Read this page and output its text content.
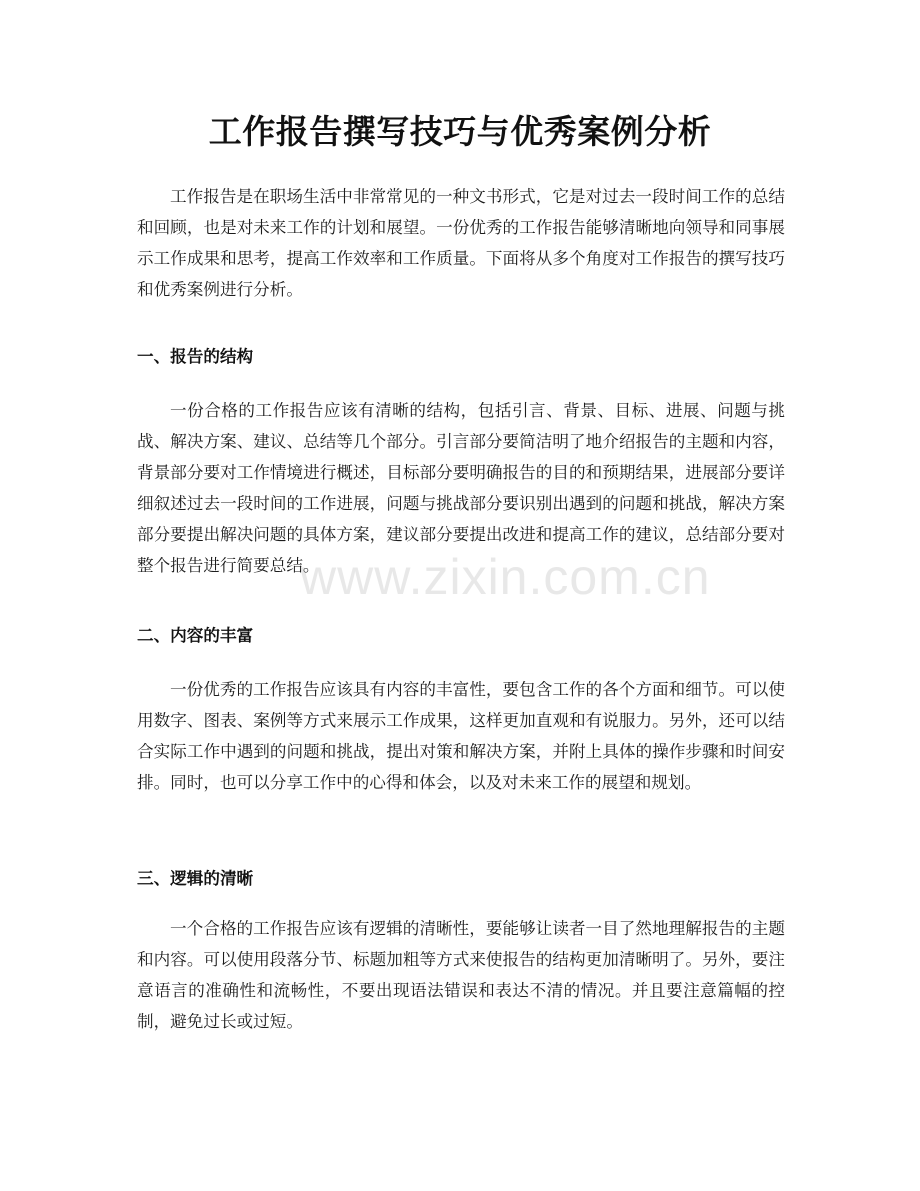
工作报告撰写技巧与优秀案例分析

工作报告是在职场生活中非常常见的一种文书形式，它是对过去一段时间工作的总结和回顾，也是对未来工作的计划和展望。一份优秀的工作报告能够清晰地向领导和同事展示工作成果和思考，提高工作效率和工作质量。下面将从多个角度对工作报告的撰写技巧和优秀案例进行分析。

一、报告的结构

一份合格的工作报告应该有清晰的结构，包括引言、背景、目标、进展、问题与挑战、解决方案、建议、总结等几个部分。引言部分要简洁明了地介绍报告的主题和内容，背景部分要对工作情境进行概述，目标部分要明确报告的目的和预期结果，进展部分要详细叙述过去一段时间的工作进展，问题与挑战部分要识别出遇到的问题和挑战，解决方案部分要提出解决问题的具体方案，建议部分要提出改进和提高工作的建议，总结部分要对整个报告进行简要总结。

二、内容的丰富

一份优秀的工作报告应该具有内容的丰富性，要包含工作的各个方面和细节。可以使用数字、图表、案例等方式来展示工作成果，这样更加直观和有说服力。另外，还可以结合实际工作中遇到的问题和挑战，提出对策和解决方案，并附上具体的操作步骤和时间安排。同时，也可以分享工作中的心得和体会，以及对未来工作的展望和规划。

三、逻辑的清晰

一个合格的工作报告应该有逻辑的清晰性，要能够让读者一目了然地理解报告的主题和内容。可以使用段落分节、标题加粗等方式来使报告的结构更加清晰明了。另外，要注意语言的准确性和流畅性，不要出现语法错误和表达不清的情况。并且要注意篇幅的控制，避免过长或过短。

www.zixin.com.cn
